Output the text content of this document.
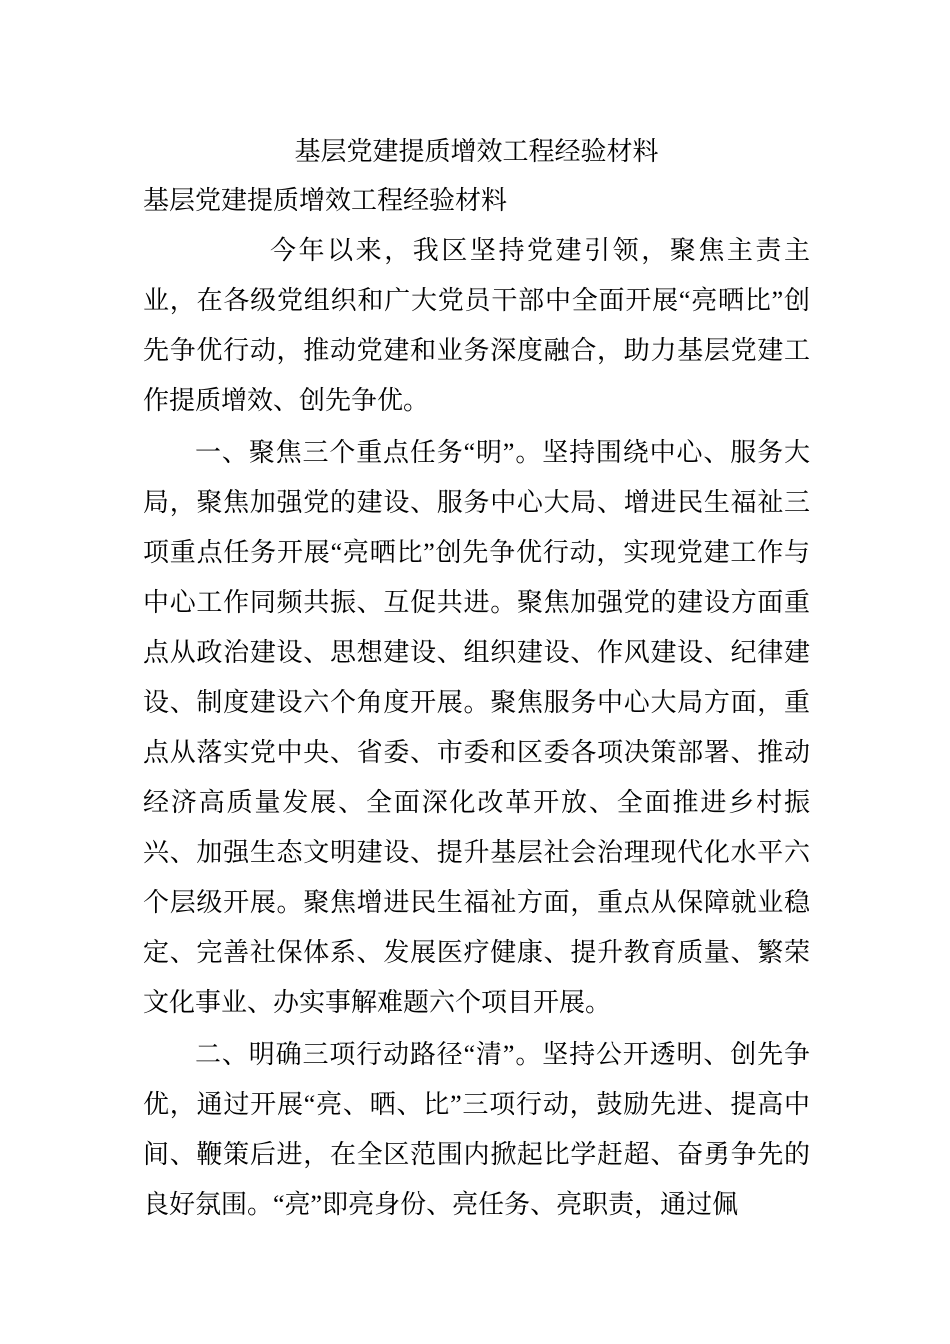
基层党建提质增效工程经验材料

基层党建提质增效工程经验材料

今年以来，我区坚持党建引领，聚焦主责主业，在各级党组织和广大党员干部中全面开展“亮晒比”创先争优行动，推动党建和业务深度融合，助力基层党建工作提质增效、创先争优。

一、聚焦三个重点任务“明”。坚持围绕中心、服务大局，聚焦加强党的建设、服务中心大局、增进民生福祉三项重点任务开展“亮晒比”创先争优行动，实现党建工作与中心工作同频共振、互促共进。聚焦加强党的建设方面重点从政治建设、思想建设、组织建设、作风建设、纪律建设、制度建设六个角度开展。聚焦服务中心大局方面，重点从落实党中央、省委、市委和区委各项决策部署、推动经济高质量发展、全面深化改革开放、全面推进乡村振兴、加强生态文明建设、提升基层社会治理现代化水平六个层级开展。聚焦增进民生福祉方面，重点从保障就业稳定、完善社保体系、发展医疗健康、提升教育质量、繁荣文化事业、办实事解难题六个项目开展。

二、明确三项行动路径“清”。坚持公开透明、创先争优，通过开展“亮、晒、比”三项行动，鼓励先进、提高中间、鞭策后进，在全区范围内掀起比学赶超、奋勇争先的良好氛围。“亮”即亮身份、亮任务、亮职责，通过佩
